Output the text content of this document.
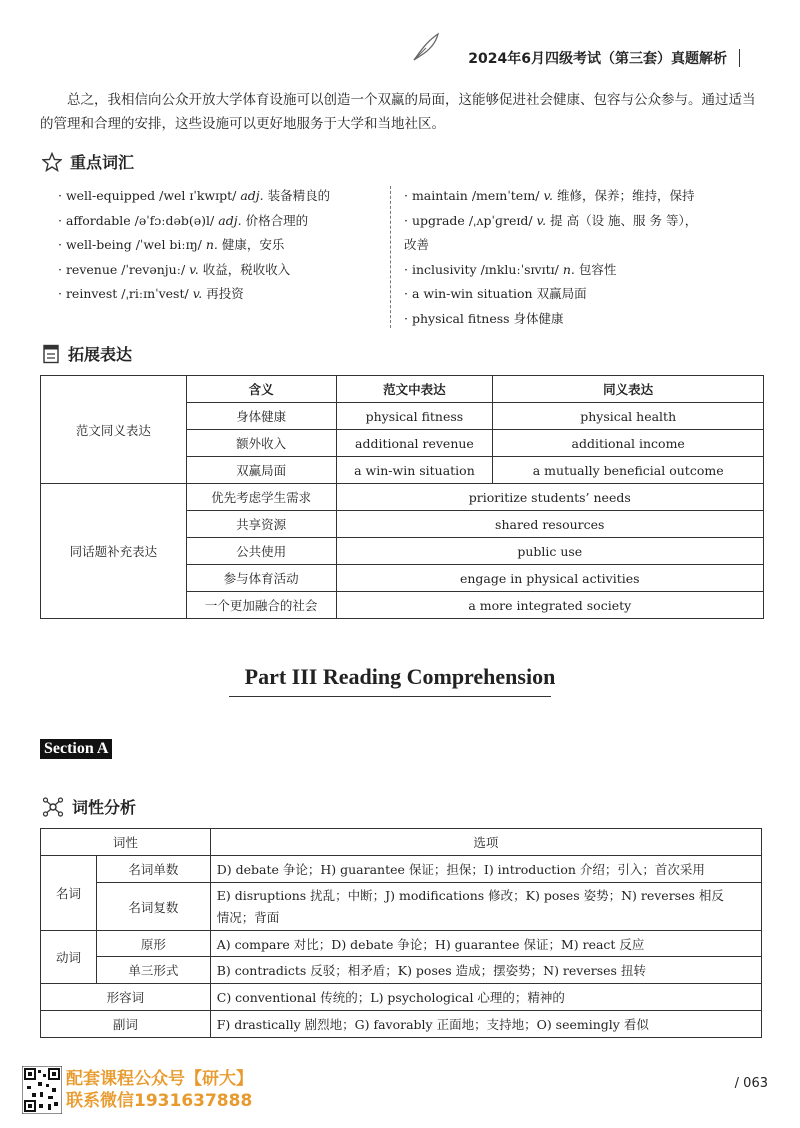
2024年6月四级考试（第三套）真题解析
总之，我相信向公众开放大学体育设施可以创造一个双赢的局面，这能够促进社会健康、包容与公众参与。通过适当的管理和合理的安排，这些设施可以更好地服务于大学和当地社区。
重点词汇
· well-equipped /wel ɪˈkwɪpt/ adj. 装备精良的
· affordable /əˈfɔːdəb(ə)l/ adj. 价格合理的
· well-being /ˈwel biːɪŋ/ n. 健康，安乐
· revenue /ˈrevənjuː/ v. 收益，税收收入
· reinvest /ˌriːɪnˈvest/ v. 再投资
· maintain /meɪnˈteɪn/ v. 维修，保养；维持，保持
· upgrade /ˌʌpˈɡreɪd/ v. 提 高（设 施、服 务 等），
改善
· inclusivity /ɪnkluːˈsɪvɪtɪ/ n. 包容性
· a win-win situation 双赢局面
· physical fitness 身体健康
拓展表达
范文同义表达	含义	范文中表达	同义表达
	身体健康	physical fitness	physical health
	额外收入	additional revenue	additional income
	双赢局面	a win-win situation	a mutually beneficial outcome
同话题补充表达	优先考虑学生需求	prioritize students’ needs	
	共享资源	shared resources	
	公共使用	public use	
	参与体育活动	engage in physical activities	
	一个更加融合的社会	a more integrated society	
Part III Reading Comprehension
Section A
词性分析
词性		选项
名词	名词单数	D) debate 争论；H) guarantee 保证；担保；I) introduction 介绍；引入；首次采用
	名词复数	E) disruptions 扰乱；中断；J) modifications 修改；K) poses 姿势；N) reverses 相反
情况；背面

动词	原形	A) compare 对比；D) debate 争论；H) guarantee 保证；M) react 反应
	单三形式	B) contradicts 反驳；相矛盾；K) poses 造成；摆姿势；N) reverses 扭转
形容词		C) conventional 传统的；L) psychological 心理的；精神的
副词		F) drastically 剧烈地；G) favorably 正面地；支持地；O) seemingly 看似
配套课程公众号【研大】
联系微信1931637888
/ 063
